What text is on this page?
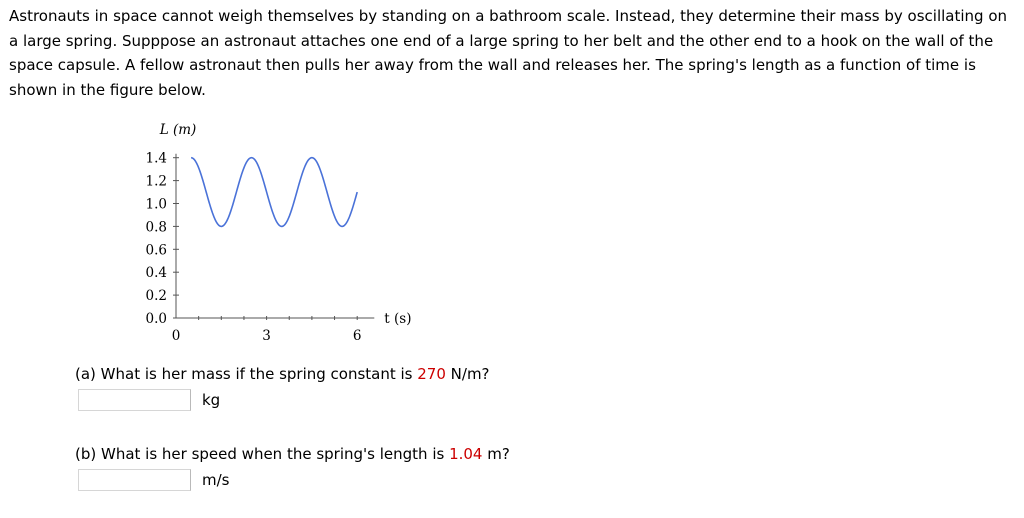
Astronauts in space cannot weigh themselves by standing on a bathroom scale. Instead, they determine their mass by oscillating on a large spring. Supppose an astronaut attaches one end of a large spring to her belt and the other end to a hook on the wall of the space capsule. A fellow astronaut then pulls her away from the wall and releases her. The spring's length as a function of time is shown in the figure below.

0.0
0.2
0.4
0.6
0.8
1.0
1.2
1.4
0	3	6
L (m)
t (s)

(a) What is her mass if the spring constant is 270 N/m?

kg

(b) What is her speed when the spring's length is 1.04 m?

m/s
